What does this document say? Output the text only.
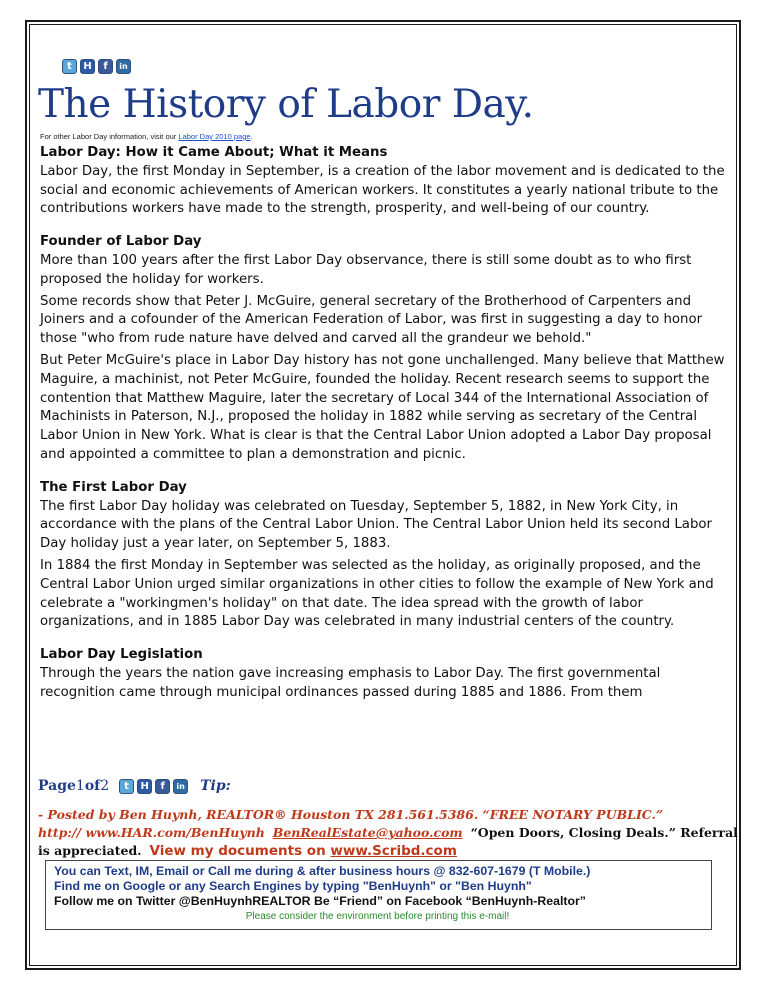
t	H	f	in
The History of Labor Day.
For other Labor Day information, visit our Labor Day 2010 page.
Labor Day: How it Came About; What it Means

Labor Day, the first Monday in September, is a creation of the labor movement and is dedicated to the social and economic achievements of American workers. It constitutes a yearly national tribute to the contributions workers have made to the strength, prosperity, and well-being of our country.

Founder of Labor Day

More than 100 years after the first Labor Day observance, there is still some doubt as to who first proposed the holiday for workers.

Some records show that Peter J. McGuire, general secretary of the Brotherhood of Carpenters and Joiners and a cofounder of the American Federation of Labor, was first in suggesting a day to honor those "who from rude nature have delved and carved all the grandeur we behold."

But Peter McGuire's place in Labor Day history has not gone unchallenged. Many believe that Matthew Maguire, a machinist, not Peter McGuire, founded the holiday. Recent research seems to support the contention that Matthew Maguire, later the secretary of Local 344 of the International Association of Machinists in Paterson, N.J., proposed the holiday in 1882 while serving as secretary of the Central Labor Union in New York. What is clear is that the Central Labor Union adopted a Labor Day proposal and appointed a committee to plan a demonstration and picnic.

The First Labor Day

The first Labor Day holiday was celebrated on Tuesday, September 5, 1882, in New York City, in accordance with the plans of the Central Labor Union. The Central Labor Union held its second Labor Day holiday just a year later, on September 5, 1883.

In 1884 the first Monday in September was selected as the holiday, as originally proposed, and the Central Labor Union urged similar organizations in other cities to follow the example of New York and celebrate a "workingmen's holiday" on that date. The idea spread with the growth of labor organizations, and in 1885 Labor Day was celebrated in many industrial centers of the country.

Labor Day Legislation

Through the years the nation gave increasing emphasis to Labor Day. The first governmental recognition came through municipal ordinances passed during 1885 and 1886. From them

Page 1 of 2	t	H	f	in Tip:
- Posted by Ben Huynh, REALTOR® Houston TX 281.561.5386. “FREE NOTARY PUBLIC.”
http:// www.HAR.com/BenHuynh BenRealEstate@yahoo.com “Open Doors, Closing Deals.” Referral is appreciated. View my documents on www.Scribd.com
You can Text, IM, Email or Call me during & after business hours @ 832-607-1679 (T Mobile.)
Find me on Google or any Search Engines by typing "BenHuynh" or "Ben Huynh"
Follow me on Twitter @BenHuynhREALTOR Be “Friend” on Facebook “BenHuynh-Realtor”
Please consider the environment before printing this e-mail!
